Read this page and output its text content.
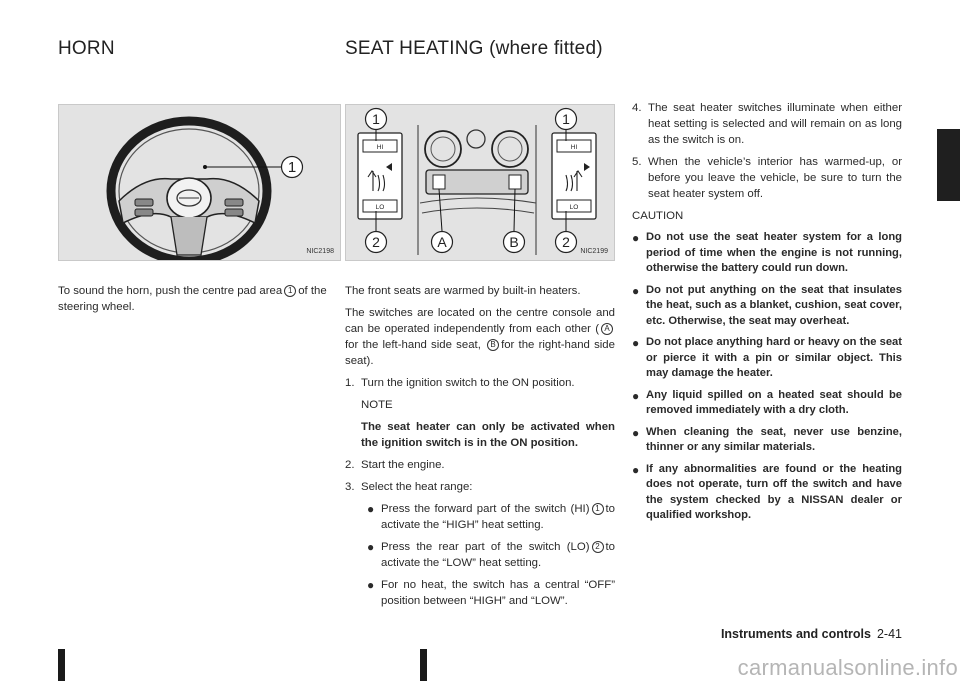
HORN	SEAT HEATING (where fitted)
1
NIC2198
HI
LO
HI
LO
1	1
2	A	B	2
NIC2199
To sound the horn, push the centre pad area 1 of the steering wheel.

The front seats are warmed by built-in heaters.

The switches are located on the centre console and can be operated independently from each other ( Afor the left-hand side seat, B for the right-hand side seat).

1. Turn the ignition switch to the ON position.
NOTE
The seat heater can only be activated when the ignition switch is in the ON position.
2. Start the engine.
3. Select the heat range:
● Press the forward part of the switch (HI) 1 to activate the “HIGH” heat setting.
● Press the rear part of the switch (LO) 2 to activate the “LOW” heat setting.
● For no heat, the switch has a central “OFF” position between “HIGH” and “LOW”.
4. The seat heater switches illuminate when either heat setting is selected and will remain on as long as the switch is on.
5. When the vehicle’s interior has warmed-up, or before you leave the vehicle, be sure to turn the seat heater system off.
CAUTION
● Do not use the seat heater system for a long period of time when the engine is not running, otherwise the battery could run down.
● Do not put anything on the seat that insulates the heat, such as a blanket, cushion, seat cover, etc. Otherwise, the seat may overheat.
● Do not place anything hard or heavy on the seat or pierce it with a pin or similar object. This may damage the heater.
● Any liquid spilled on a heated seat should be removed immediately with a dry cloth.
● When cleaning the seat, never use benzine, thinner or any similar materials.
● If any abnormalities are found or the heating does not operate, turn off the switch and have the system checked by a NISSAN dealer or qualified workshop.
Instruments and controls 2-41
carmanualsonline.info
